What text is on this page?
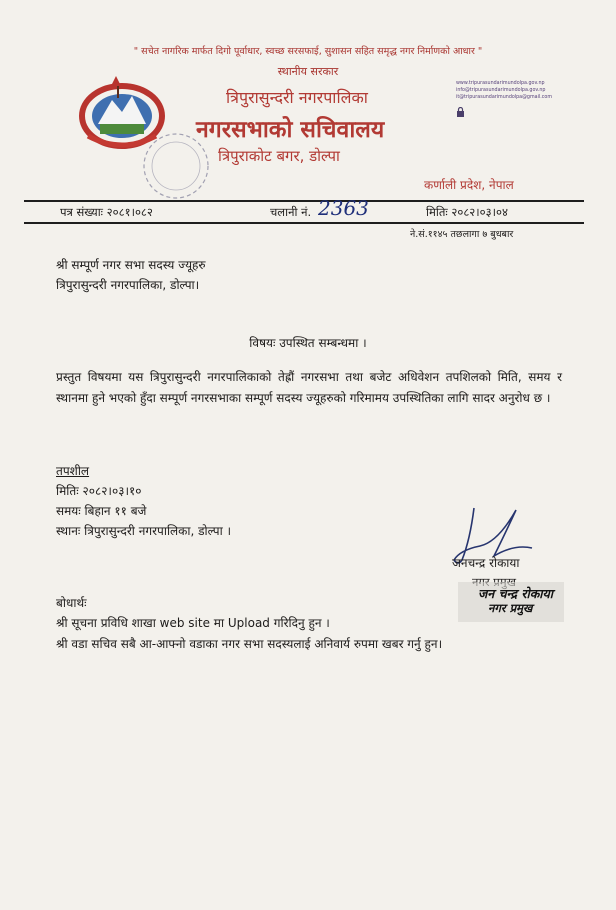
" सचेत नागरिक मार्फत दिगो पूर्वाधार, स्वच्छ सरसफाई, सुशासन सहित समृद्ध नगर निर्माणको आधार "
स्थानीय सरकार
त्रिपुरासुन्दरी नगरपालिका
नगरसभाको सचिवालय
त्रिपुराकोट बगर, डोल्पा
कर्णाली प्रदेश, नेपाल
www.tripurasundarimundolpa.gov.np
info@tripurasundarimundolpa.gov.np
it@tripurasundarimundolpa@gmail.com
पत्र संख्याः २०८१।०८२	चलानी नं. 2363	मितिः २०८२।०३।०४
ने.सं.११४५ तछलागा ७ बुधबार
श्री सम्पूर्ण नगर सभा सदस्य ज्यूहरु
त्रिपुरासुन्दरी नगरपालिका, डोल्पा।
विषयः उपस्थित सम्बन्धमा ।
प्रस्तुत विषयमा यस त्रिपुरासुन्दरी नगरपालिकाको तेह्रौं नगरसभा तथा बजेट अधिवेशन तपशिलको मिति, समय र स्थानमा हुने भएको हुँदा सम्पूर्ण नगरसभाका सम्पूर्ण सदस्य ज्यूहरुको गरिमामय उपस्थितिका लागि सादर अनुरोध छ ।
तपशील
मितिः २०८२।०३।१०
समयः बिहान ११ बजे
स्थानः त्रिपुरासुन्दरी नगरपालिका, डोल्पा ।
जनचन्द्र रोकाया
जन चन्द्र रोकाया
नगर प्रमुख
बोधार्थः
श्री सूचना प्रविधि शाखा web site मा Upload गरिदिनु हुन ।
श्री वडा सचिव सबै आ-आफ्नो वडाका नगर सभा सदस्यलाई अनिवार्य रुपमा खबर गर्नु हुन।
